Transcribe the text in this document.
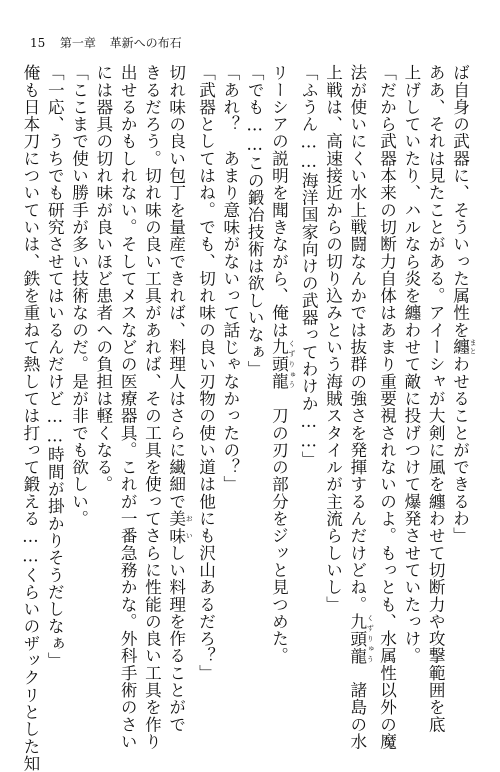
15 第一章 革新への布石
ば自身の武器に、そういった属性を纏 まとわせることができるわ」
ああ、それは見たことがある。アイーシャが大剣に風を纏わせて切断力や攻撃範囲を底
上げしていたり、ハルなら炎を纏わせて敵に投げつけて爆発させていたっけ。
「だから武器本来の切断力自体はあまり重要視されないのよ。もっとも、水属性以外の魔
法が使いにくい水上戦闘なんかでは抜群の強さを発揮するんだけどね。九頭龍 くずりゅう　諸島の水
上戦は、高速接近からの切り込みという海賊スタイルが主流らしいし」
「ふうん……海洋国家向けの武器ってわけか……」
リーシアの説明を聞きながら、俺は九頭龍 くずりゅう　刀の刃の部分をジッと見つめた。
「でも……この鍛冶技術は欲しいなぁ」
「あれ？　あまり意味がないって話じゃなかったの？」
「武器としてはね。でも、切れ味の良い刃物の使い道は他にも沢山あるだろ？」
切れ味の良い包丁を量産できれば、料理人はさらに繊細で美味 おいしい料理を作ることがで
きるだろう。切れ味の良い工具があれば、その工具を使ってさらに性能の良い工具を作り
出せるかもしれない。そしてメスなどの医療器具。これが一番急務かな。外科手術のさい
には器具の切れ味が良いほど患者への負担は軽くなる。
「ここまで使い勝手が多い技術なのだ。是が非でも欲しい。
「一応、うちでも研究させてはいるんだけど……時間が掛かりそうだしなぁ」
俺も日本刀についていは、鉄を重ねて熱しては打って鍛える……くらいのザックリとした知
